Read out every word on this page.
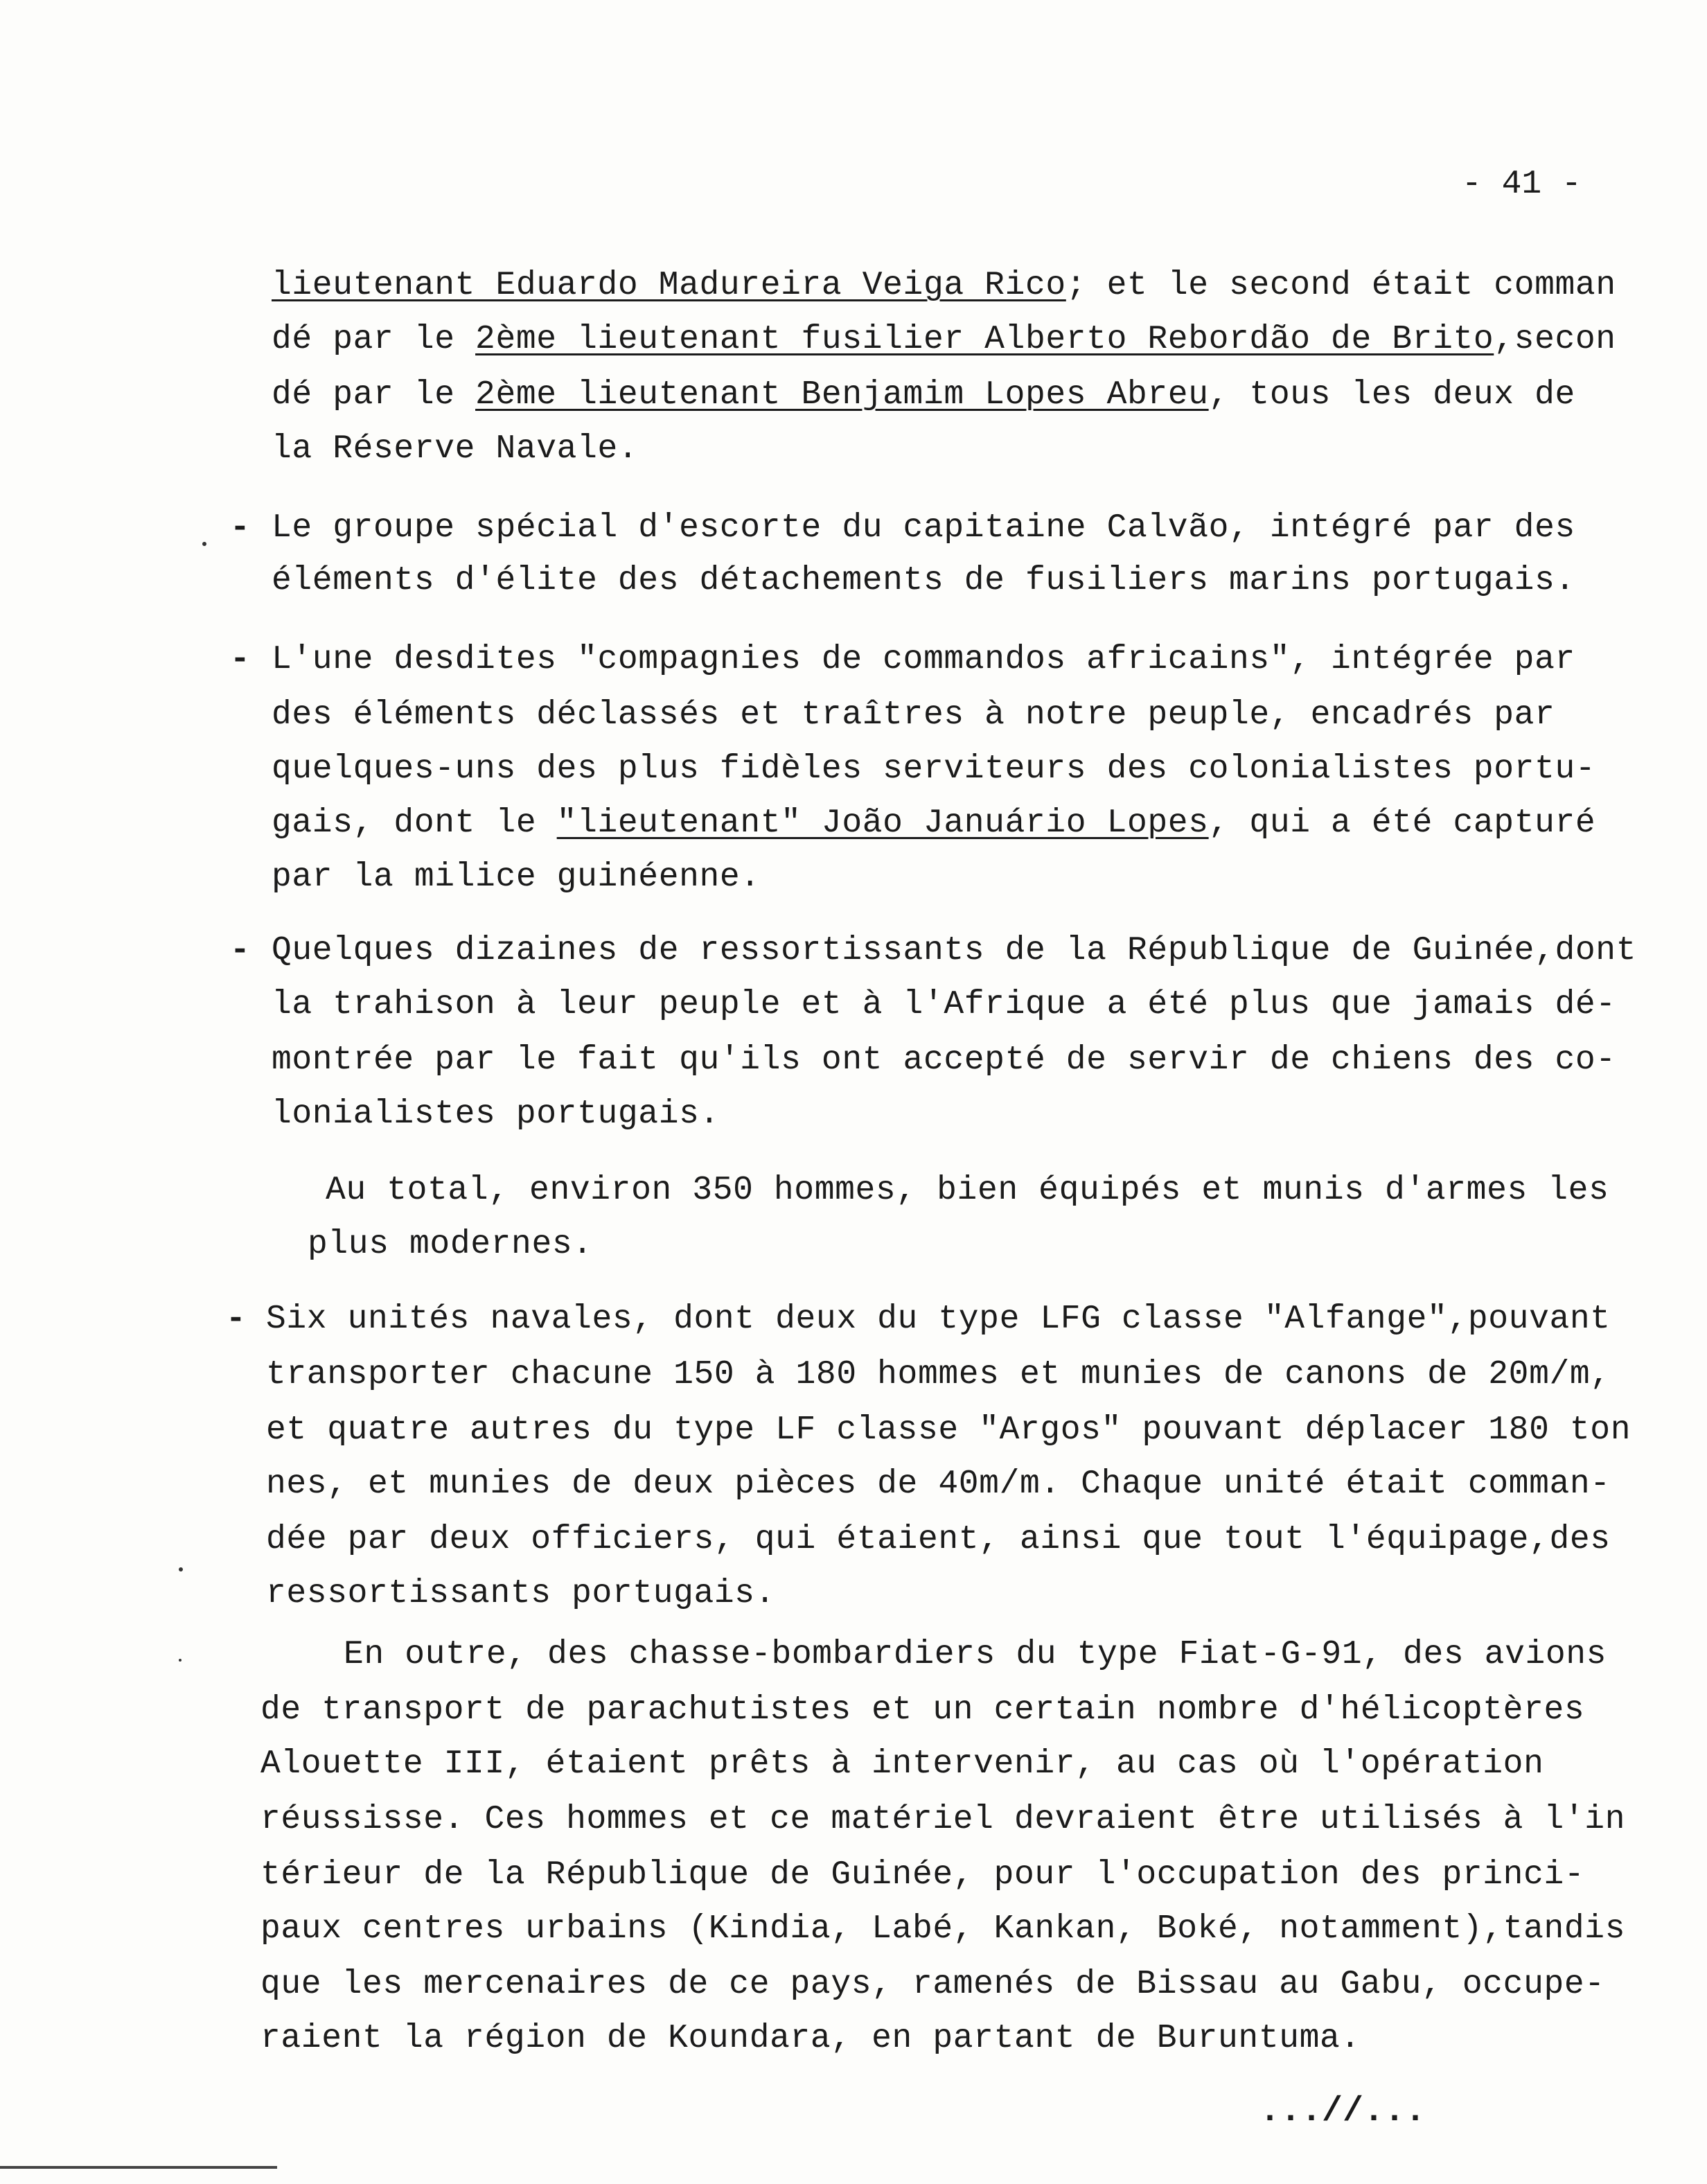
- 41 -
lieutenant Eduardo Madureira Veiga Rico; et le second était comman
dé par le 2ème lieutenant fusilier Alberto Rebordão de Brito,secon
dé par le 2ème lieutenant Benjamim Lopes Abreu, tous les deux de
la Réserve Navale.
- Le groupe spécial d'escorte du capitaine Calvão, intégré par des
éléments d'élite des détachements de fusiliers marins portugais.
- L'une desdites "compagnies de commandos africains", intégrée par
des éléments déclassés et traîtres à notre peuple, encadrés par
quelques-uns des plus fidèles serviteurs des colonialistes portu-
gais, dont le "lieutenant" João Januário Lopes, qui a été capturé
par la milice guinéenne.
- Quelques dizaines de ressortissants de la République de Guinée,dont
la trahison à leur peuple et à l'Afrique a été plus que jamais dé-
montrée par le fait qu'ils ont accepté de servir de chiens des co-
lonialistes portugais.
Au total, environ 350 hommes, bien équipés et munis d'armes les
plus modernes.
- Six unités navales, dont deux du type LFG classe "Alfange",pouvant
transporter chacune 150 à 180 hommes et munies de canons de 20m/m,
et quatre autres du type LF classe "Argos" pouvant déplacer 180 ton
nes, et munies de deux pièces de 40m/m. Chaque unité était comman-
dée par deux officiers, qui étaient, ainsi que tout l'équipage,des
ressortissants portugais.
En outre, des chasse-bombardiers du type Fiat-G-91, des avions
de transport de parachutistes et un certain nombre d'hélicoptères
Alouette III, étaient prêts à intervenir, au cas où l'opération
réussisse. Ces hommes et ce matériel devraient être utilisés à l'in
térieur de la République de Guinée, pour l'occupation des princi-
paux centres urbains (Kindia, Labé, Kankan, Boké, notamment),tandis
que les mercenaires de ce pays, ramenés de Bissau au Gabu, occupe-
raient la région de Koundara, en partant de Buruntuma.
...//...
